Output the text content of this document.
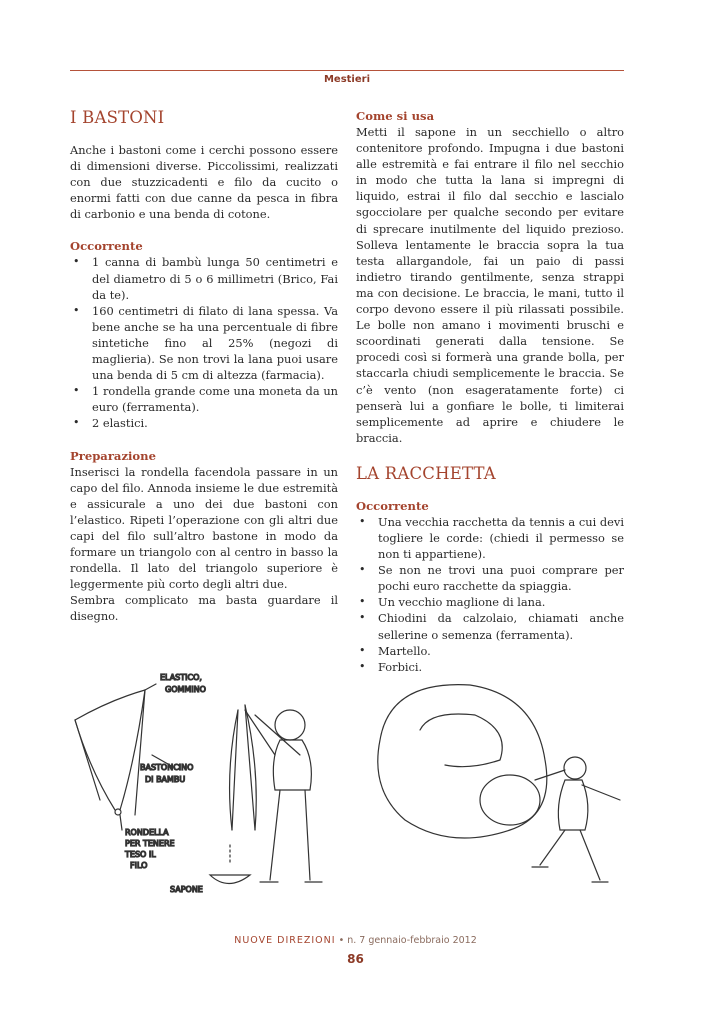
Mestieri
I BASTONI

Anche i bastoni come i cerchi possono essere di dimensioni diverse. Piccolissimi, realizzati con due stuzzicadenti e filo da cucito o enormi fatti con due canne da pesca in fibra di carbonio e una benda di cotone.

Occorrente
• 1 canna di bambù lunga 50 centimetri e del diametro di 5 o 6 millimetri (Brico, Fai da te).
• 160 centimetri di filato di lana spessa. Va bene anche se ha una percentuale di fibre sintetiche fino al 25% (negozi di maglieria). Se non trovi la lana puoi usare una benda di 5 cm di altezza (farmacia).
• 1 rondella grande come una moneta da un euro (ferramenta).
• 2 elastici.
Preparazione

Inserisci la rondella facendola passare in un capo del filo. Annoda insieme le due estremità e assicurale a uno dei due bastoni con l’elastico. Ripeti l’operazione con gli altri due capi del filo sull’altro bastone in modo da formare un triangolo con al centro in basso la rondella. Il lato del triangolo superiore è leggermente più corto degli altri due.

Sembra complicato ma basta guardare il disegno.

Come si usa

Metti il sapone in un secchiello o altro contenitore profondo. Impugna i due bastoni alle estremità e fai entrare il filo nel secchio in modo che tutta la lana si impregni di liquido, estrai il filo dal secchio e lascialo sgocciolare per qualche secondo per evitare di sprecare inutilmente del liquido prezioso. Solleva lentamente le braccia sopra la tua testa allargandole, fai un paio di passi indietro tirando gentilmente, senza strappi ma con decisione. Le braccia, le mani, tutto il corpo devono essere il più rilassati possibile. Le bolle non amano i movimenti bruschi e scoordinati generati dalla tensione. Se procedi così si formerà una grande bolla, per staccarla chiudi semplicemente le braccia. Se c’è vento (non esageratamente forte) ci penserà lui a gonfiare le bolle, ti limiterai semplicemente ad aprire e chiudere le braccia.

LA RACCHETTA
Occorrente
• Una vecchia racchetta da tennis a cui devi togliere le corde: (chiedi il permesso se non ti appartiene).
• Se non ne trovi una puoi comprare per pochi euro racchette da spiaggia.
• Un vecchio maglione di lana.
• Chiodini da calzolaio, chiamati anche sellerine o semenza (ferramenta).
• Martello.
• Forbici.
ELASTICO,
GOMMINO
BASTONCINO
DI BAMBU
RONDELLA
PER TENERE
TESO IL
FILO
SAPONE
NUOVE DIREZIONI • n. 7 gennaio-febbraio 2012
86
